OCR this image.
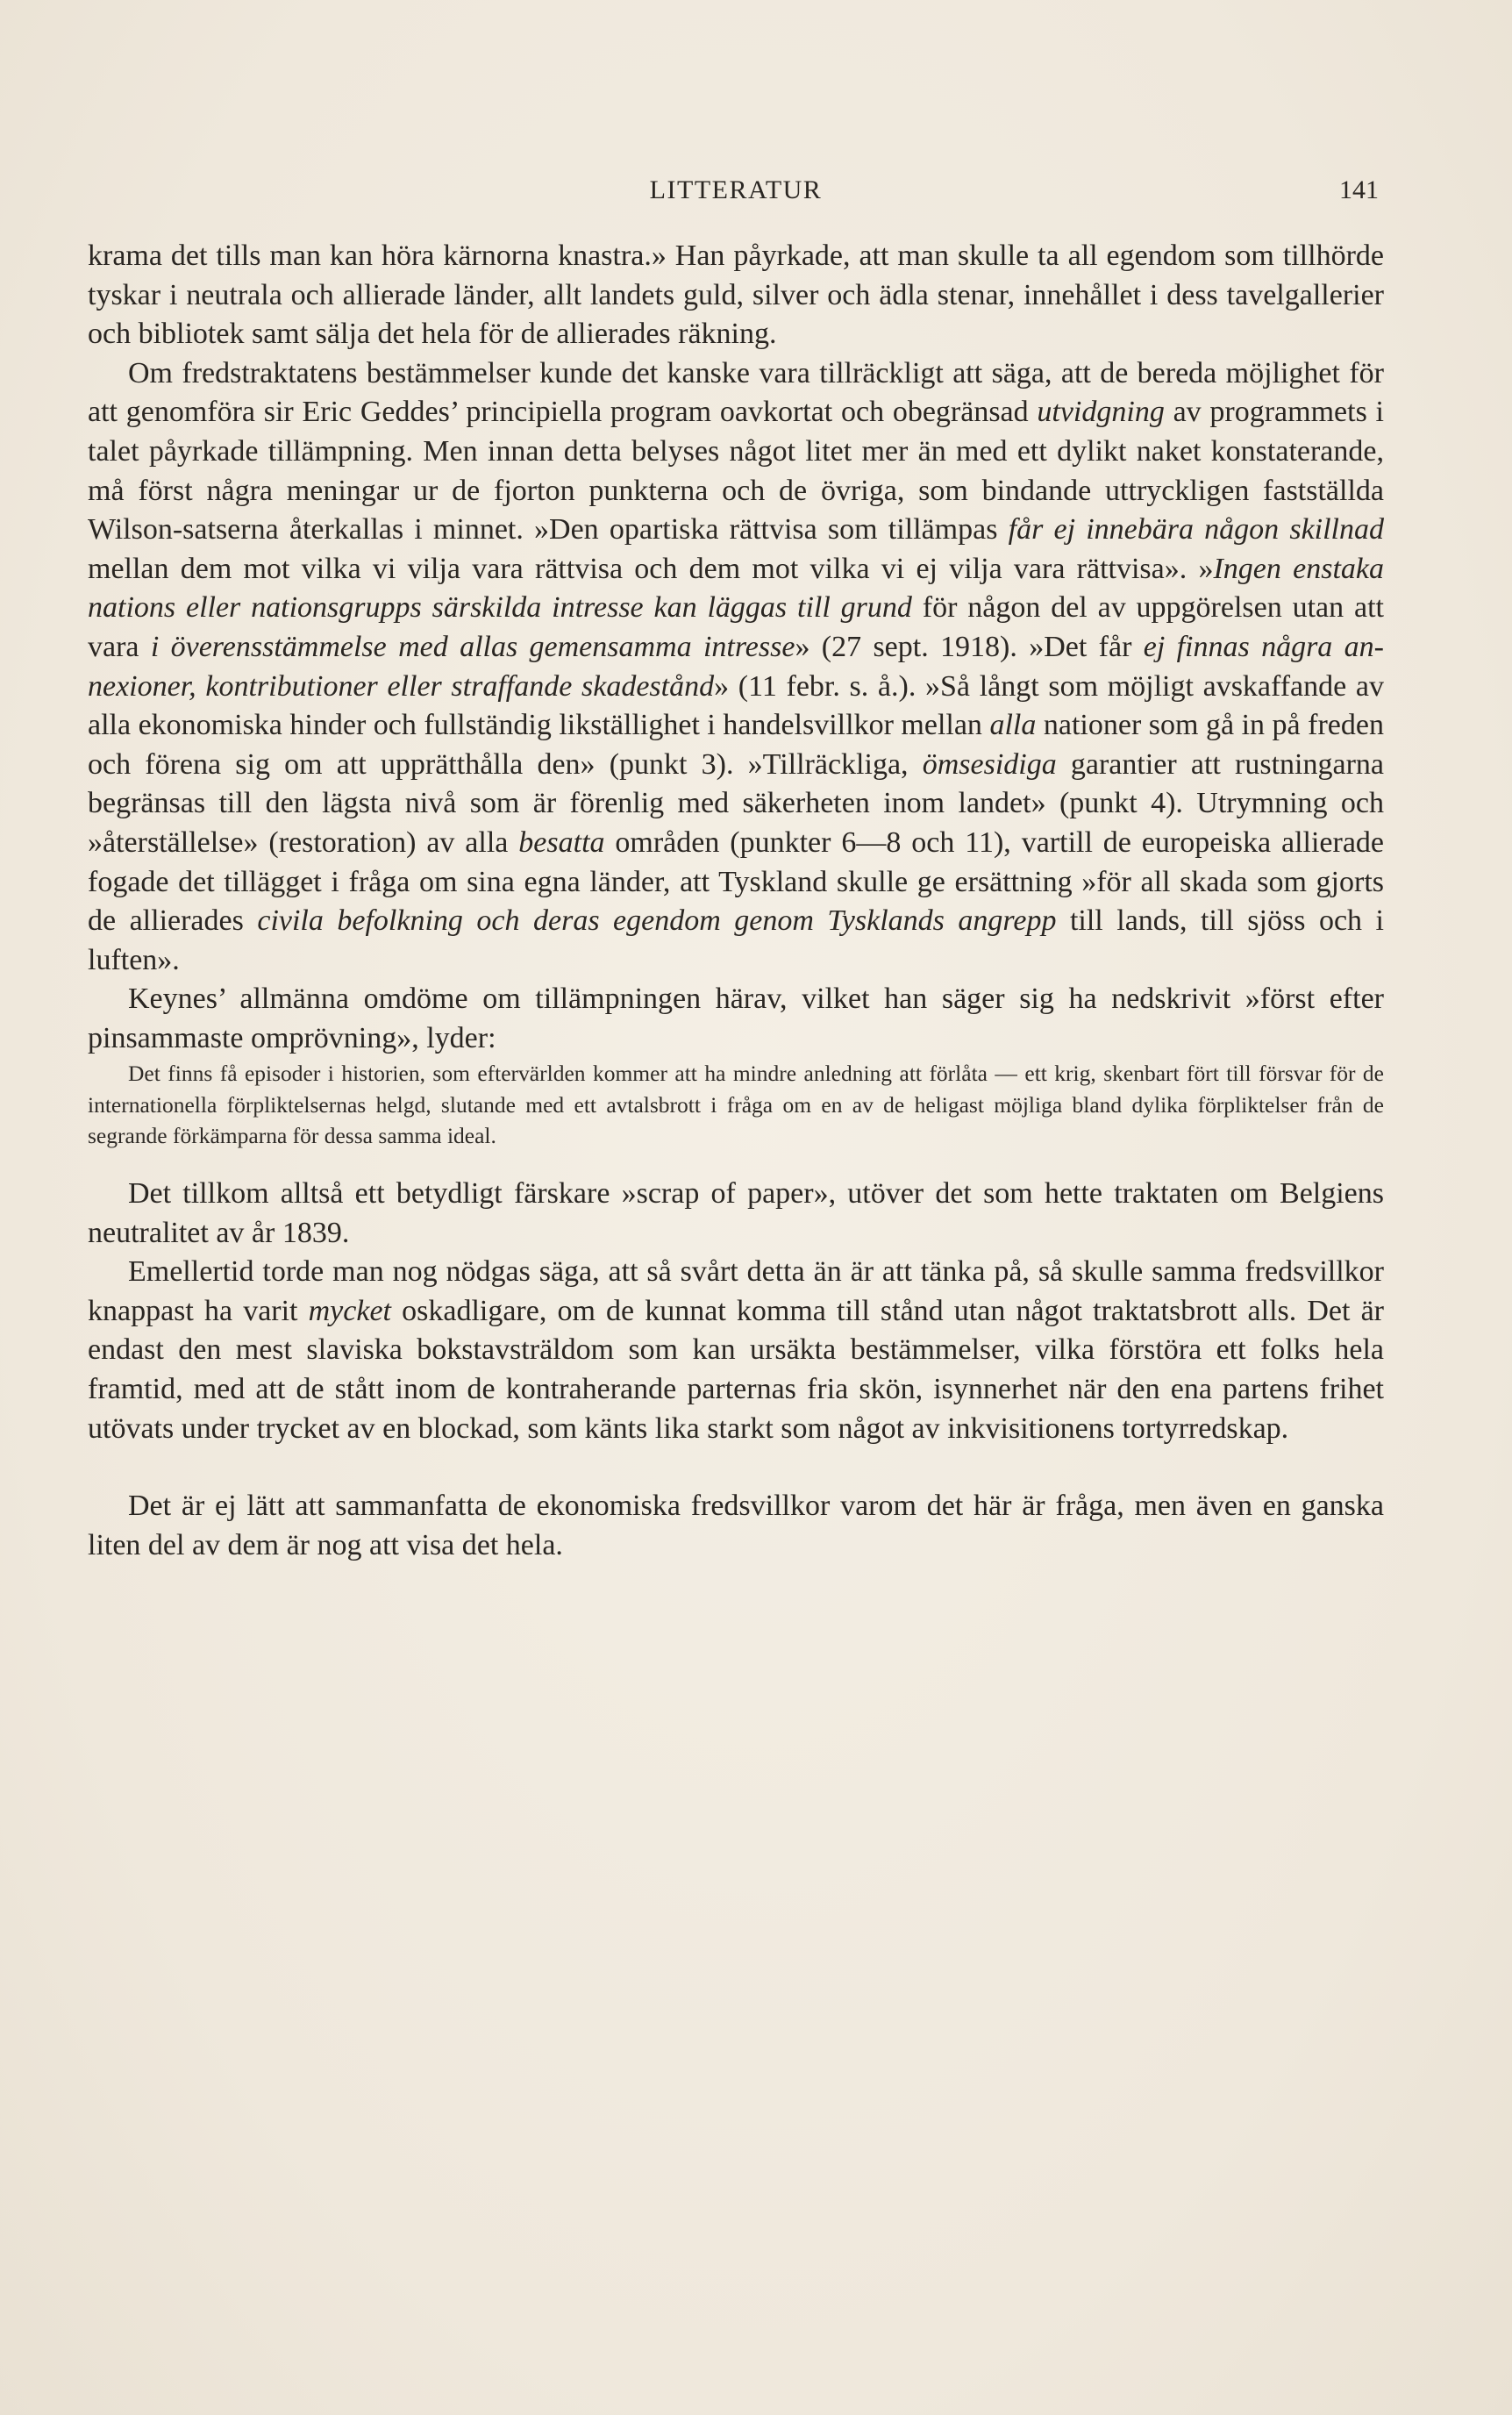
LITTERATUR	141

krama det tills man kan höra kärnorna knastra.» Han påyrkade, att man skulle ta all egendom som tillhörde tyskar i neutrala och allierade länder, allt landets guld, silver och ädla stenar, innehållet i dess tavelgallerier och bibliotek samt sälja det hela för de allierades räkning.

Om fredstraktatens bestämmelser kunde det kanske vara tillräckligt att säga, att de bereda möjlighet för att genomföra sir Eric Geddes’ principiella program oavkortat och obegränsad utvidgning av programmets i talet påyrkade tillämpning. Men innan detta belyses något litet mer än med ett dylikt naket konstaterande, må först några meningar ur de fjorton punkterna och de övriga, som bindande uttryckligen fastställda Wilson-satserna återkallas i minnet. »Den opartiska rättvisa som tillämpas får ej innebära någon skillnad mellan dem mot vilka vi vilja vara rättvisa och dem mot vilka vi ej vilja vara rättvisa». »Ingen enstaka nations eller nationsgrupps särskilda intresse kan läggas till grund för någon del av uppgörelsen utan att vara i överensstämmelse med allas gemensamma intresse» (27 sept. 1918). »Det får ej finnas några annexioner, kontributioner eller straffande skadestånd» (11 febr. s. å.). »Så långt som möjligt avskaffande av alla ekonomiska hinder och fullständig likställighet i handelsvillkor mellan alla nationer som gå in på freden och förena sig om att upprätthålla den» (punkt 3). »Tillräckliga, ömsesidiga garantier att rustningarna begränsas till den lägsta nivå som är förenlig med säkerheten inom landet» (punkt 4). Utrymning och »återställelse» (restoration) av alla besatta områden (punkter 6—8 och 11), vartill de europeiska allierade fogade det tillägget i fråga om sina egna länder, att Tyskland skulle ge ersättning »för all skada som gjorts de allierades civila befolkning och deras egendom genom Tysklands angrepp till lands, till sjöss och i luften».

Keynes’ allmänna omdöme om tillämpningen härav, vilket han säger sig ha nedskrivit »först efter pinsammaste omprövning», lyder:

Det finns få episoder i historien, som eftervärlden kommer att ha mindre anledning att förlåta — ett krig, skenbart fört till försvar för de internationella förpliktelsernas helgd, slutande med ett avtalsbrott i fråga om en av de heligast möjliga bland dylika förpliktelser från de segrande förkämparna för dessa samma ideal.

Det tillkom alltså ett betydligt färskare »scrap of paper», utöver det som hette traktaten om Belgiens neutralitet av år 1839.

Emellertid torde man nog nödgas säga, att så svårt detta än är att tänka på, så skulle samma fredsvillkor knappast ha varit mycket oskadligare, om de kunnat komma till stånd utan något traktatsbrott alls. Det är endast den mest slaviska bokstavsträldom som kan ursäkta bestämmelser, vilka förstöra ett folks hela framtid, med att de stått inom de kontraherande parternas fria skön, isynnerhet när den ena partens frihet utövats under trycket av en blockad, som känts lika starkt som något av inkvisitionens tortyrredskap.

Det är ej lätt att sammanfatta de ekonomiska fredsvillkor varom det här är fråga, men även en ganska liten del av dem är nog att visa det hela.
